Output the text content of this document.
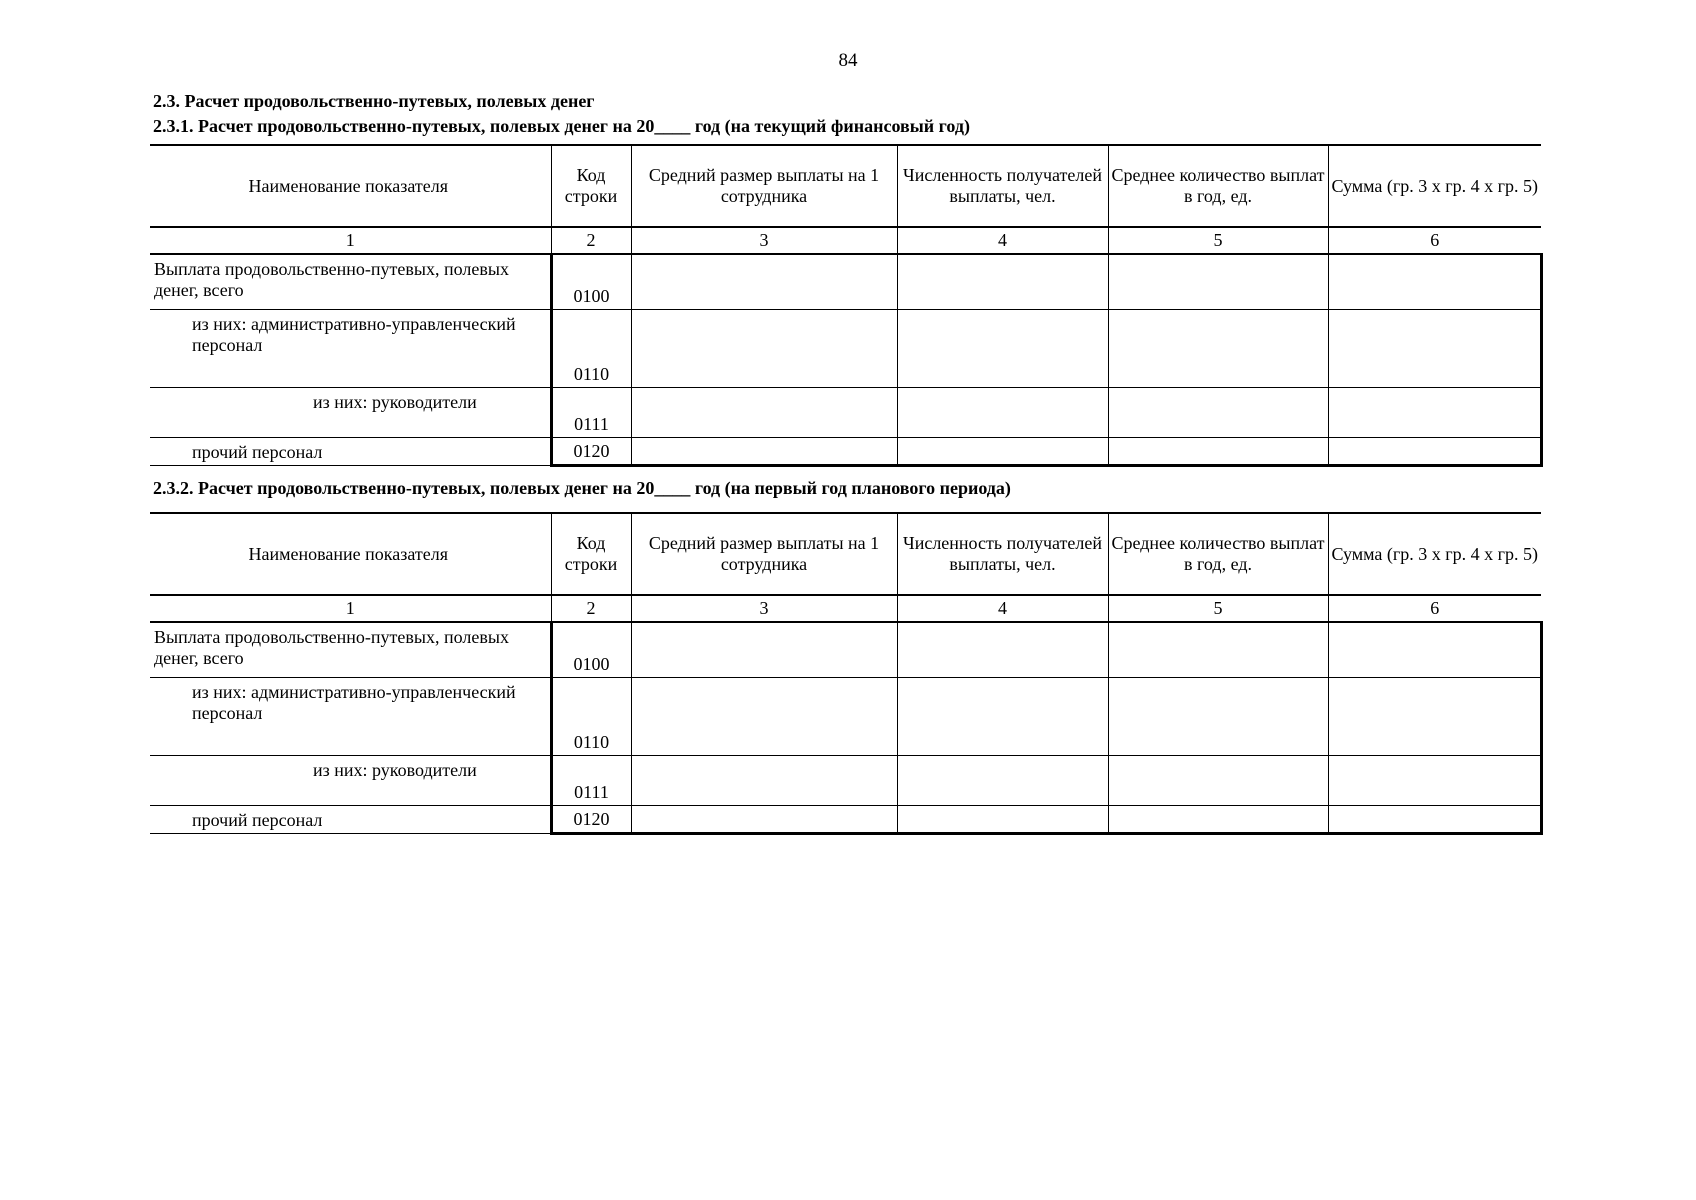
84
2.3. Расчет продовольственно-путевых, полевых денег
2.3.1. Расчет продовольственно-путевых, полевых денег на 20____ год (на текущий финансовый год)
Наименование показателя	Код строки	Средний размер выплаты на 1 сотрудника	Численность получателей выплаты, чел.	Среднее количество выплат в год, ед.	Сумма (гр. 3 х гр. 4 х гр. 5)
1	2	3	4	5	6
Выплата продовольственно-путевых, полевых денег, всего	0100				
из них: административно-управленческий персонал	0110				
из них: руководители	0111				
прочий персонал	0120				
2.3.2. Расчет продовольственно-путевых, полевых денег на 20____ год (на первый год планового периода)
Наименование показателя	Код строки	Средний размер выплаты на 1 сотрудника	Численность получателей выплаты, чел.	Среднее количество выплат в год, ед.	Сумма (гр. 3 х гр. 4 х гр. 5)
1	2	3	4	5	6
Выплата продовольственно-путевых, полевых денег, всего	0100				
из них: административно-управленческий персонал	0110				
из них: руководители	0111				
прочий персонал	0120				
